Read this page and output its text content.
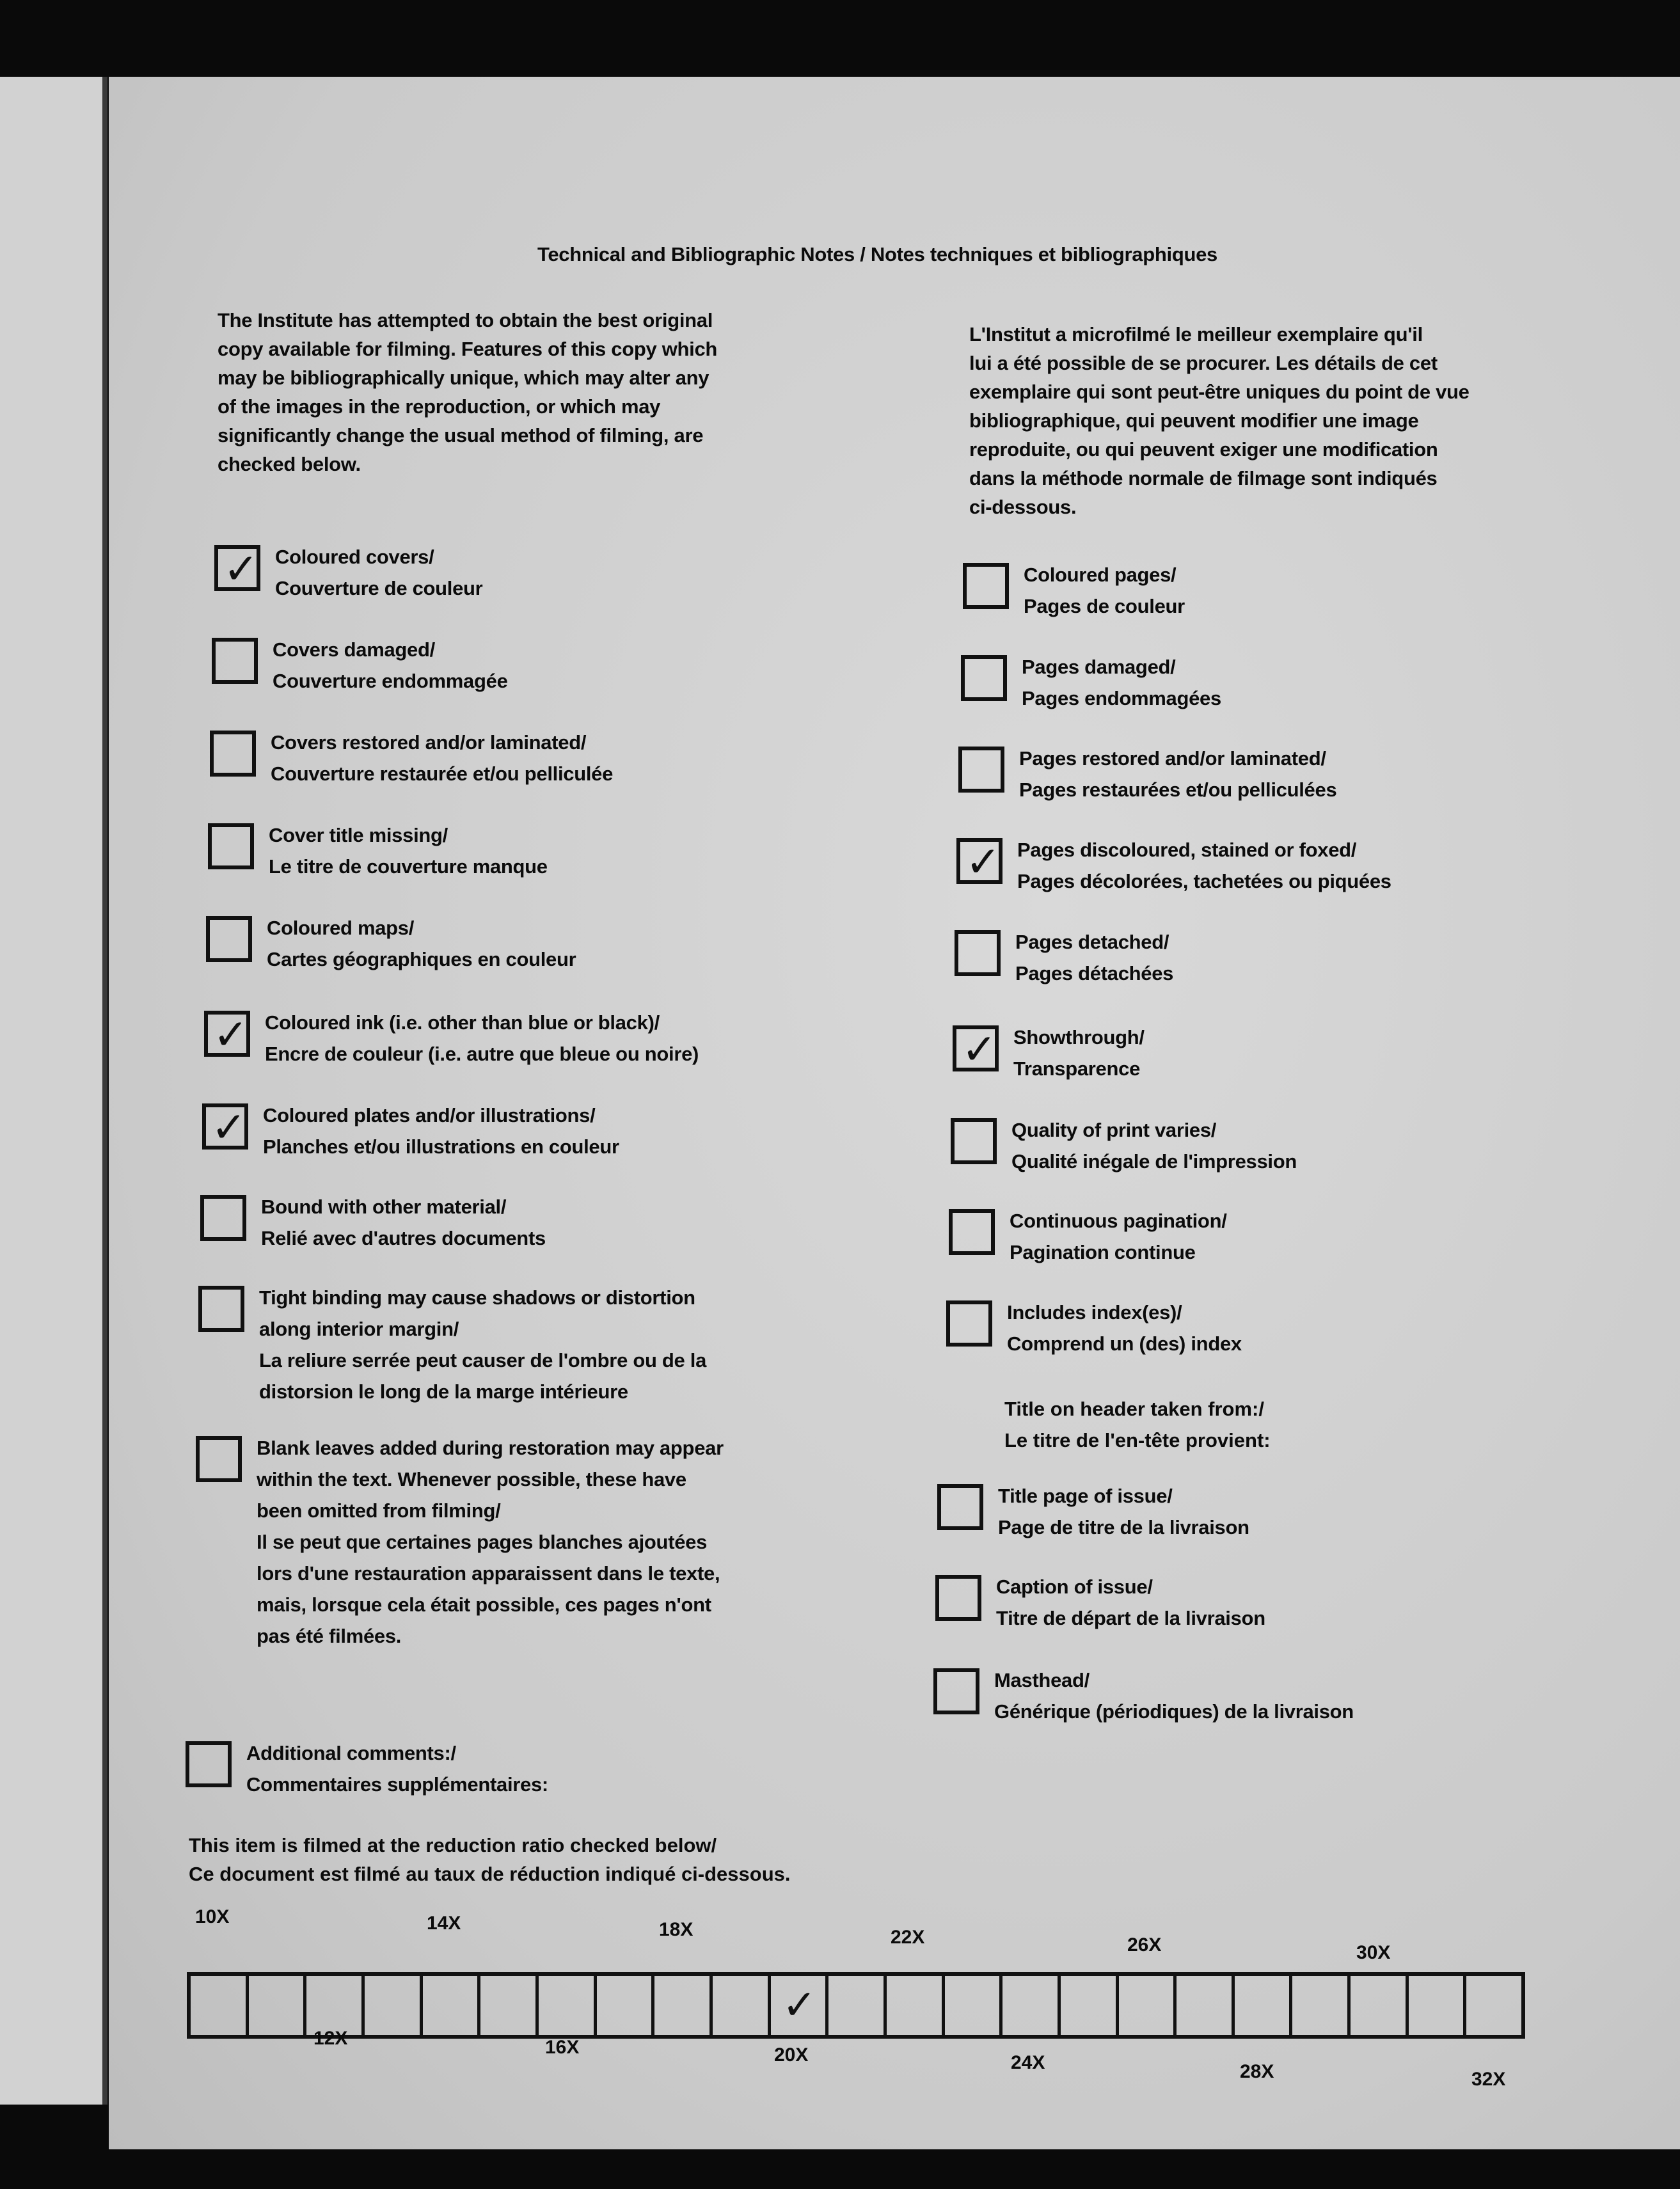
Technical and Bibliographic Notes / Notes techniques et bibliographiques
The Institute has attempted to obtain the best original
copy available for filming. Features of this copy which
may be bibliographically unique, which may alter any
of the images in the reproduction, or which may
significantly change the usual method of filming, are
checked below.
L'Institut a microfilmé le meilleur exemplaire qu'il
lui a été possible de se procurer. Les détails de cet
exemplaire qui sont peut-être uniques du point de vue
bibliographique, qui peuvent modifier une image
reproduite, ou qui peuvent exiger une modification
dans la méthode normale de filmage sont indiqués
ci-dessous.
✓ Coloured covers/
Couverture de couleur
Covers damaged/
Couverture endommagée
Covers restored and/or laminated/
Couverture restaurée et/ou pelliculée
Cover title missing/
Le titre de couverture manque
Coloured maps/
Cartes géographiques en couleur
✓ Coloured ink (i.e. other than blue or black)/
Encre de couleur (i.e. autre que bleue ou noire)
✓ Coloured plates and/or illustrations/
Planches et/ou illustrations en couleur
Bound with other material/
Relié avec d'autres documents
Tight binding may cause shadows or distortion
along interior margin/
La reliure serrée peut causer de l'ombre ou de la
distorsion le long de la marge intérieure
Blank leaves added during restoration may appear
within the text. Whenever possible, these have
been omitted from filming/
Il se peut que certaines pages blanches ajoutées
lors d'une restauration apparaissent dans le texte,
mais, lorsque cela était possible, ces pages n'ont
pas été filmées.
Additional comments:/
Commentaires supplémentaires:
Coloured pages/
Pages de couleur
Pages damaged/
Pages endommagées
Pages restored and/or laminated/
Pages restaurées et/ou pelliculées
✓ Pages discoloured, stained or foxed/
Pages décolorées, tachetées ou piquées
Pages detached/
Pages détachées
✓ Showthrough/
Transparence
Quality of print varies/
Qualité inégale de l'impression
Continuous pagination/
Pagination continue
Includes index(es)/
Comprend un (des) index
Title page of issue/
Page de titre de la livraison
Caption of issue/
Titre de départ de la livraison
Masthead/
Générique (périodiques) de la livraison
Title on header taken from:/
Le titre de l'en-tête provient:
This item is filmed at the reduction ratio checked below/
Ce document est filmé au taux de réduction indiqué ci-dessous.
✓
10X	14X	18X	22X	26X	30X
12X	16X	20X	24X	28X	32X
